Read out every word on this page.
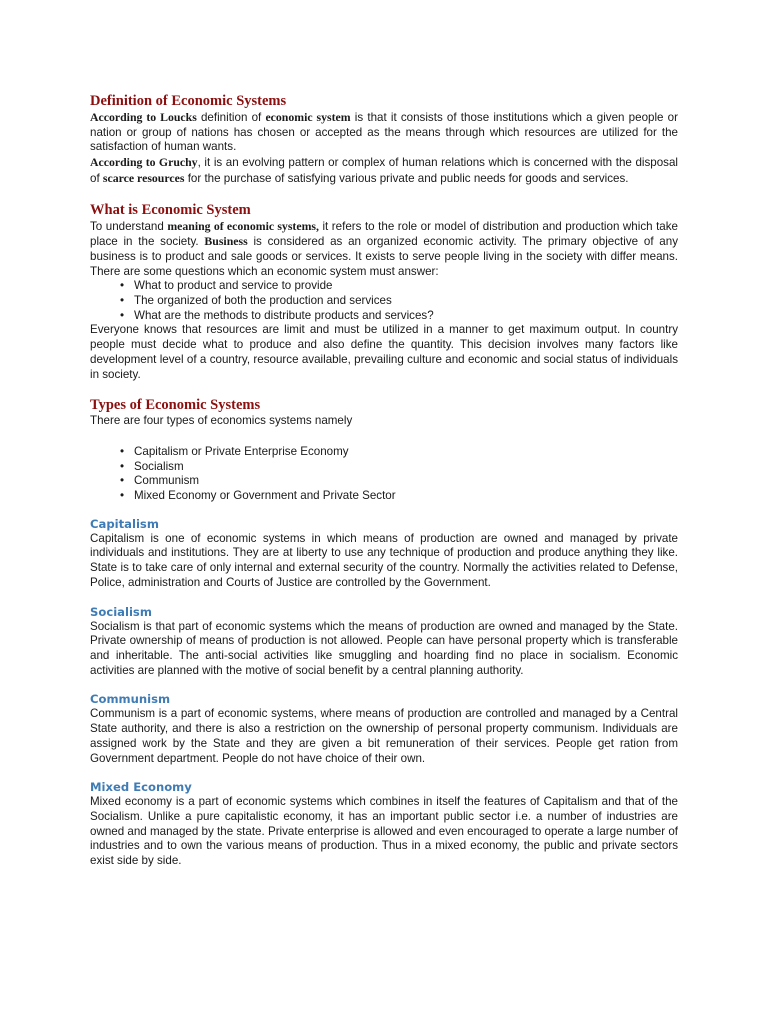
Definition of Economic Systems

According to Loucks definition of economic system is that it consists of those institutions which a given people or nation or group of nations has chosen or accepted as the means through which resources are utilized for the satisfaction of human wants.

According to Gruchy, it is an evolving pattern or complex of human relations which is concerned with the disposal of scarce resources for the purchase of satisfying various private and public needs for goods and services.

What is Economic System

To understand meaning of economic systems, it refers to the role or model of distribution and production which take place in the society. Business is considered as an organized economic activity. The primary objective of any business is to product and sale goods or services. It exists to serve people living in the society with differ means. There are some questions which an economic system must answer:

• What to product and service to provide
• The organized of both the production and services
• What are the methods to distribute products and services?

Everyone knows that resources are limit and must be utilized in a manner to get maximum output. In country people must decide what to produce and also define the quantity. This decision involves many factors like development level of a country, resource available, prevailing culture and economic and social status of individuals in society.

Types of Economic Systems

There are four types of economics systems namely

• Capitalism or Private Enterprise Economy
• Socialism
• Communism
• Mixed Economy or Government and Private Sector
Capitalism

Capitalism is one of economic systems in which means of production are owned and managed by private individuals and institutions. They are at liberty to use any technique of production and produce anything they like. State is to take care of only internal and external security of the country. Normally the activities related to Defense, Police, administration and Courts of Justice are controlled by the Government.

Socialism

Socialism is that part of economic systems which the means of production are owned and managed by the State. Private ownership of means of production is not allowed. People can have personal property which is transferable and inheritable. The anti-social activities like smuggling and hoarding find no place in socialism. Economic activities are planned with the motive of social benefit by a central planning authority.

Communism

Communism is a part of economic systems, where means of production are controlled and managed by a Central State authority, and there is also a restriction on the ownership of personal property communism. Individuals are assigned work by the State and they are given a bit remuneration of their services. People get ration from Government department. People do not have choice of their own.

Mixed Economy

Mixed economy is a part of economic systems which combines in itself the features of Capitalism and that of the Socialism. Unlike a pure capitalistic economy, it has an important public sector i.e. a number of industries are owned and managed by the state. Private enterprise is allowed and even encouraged to operate a large number of industries and to own the various means of production. Thus in a mixed economy, the public and private sectors exist side by side.
